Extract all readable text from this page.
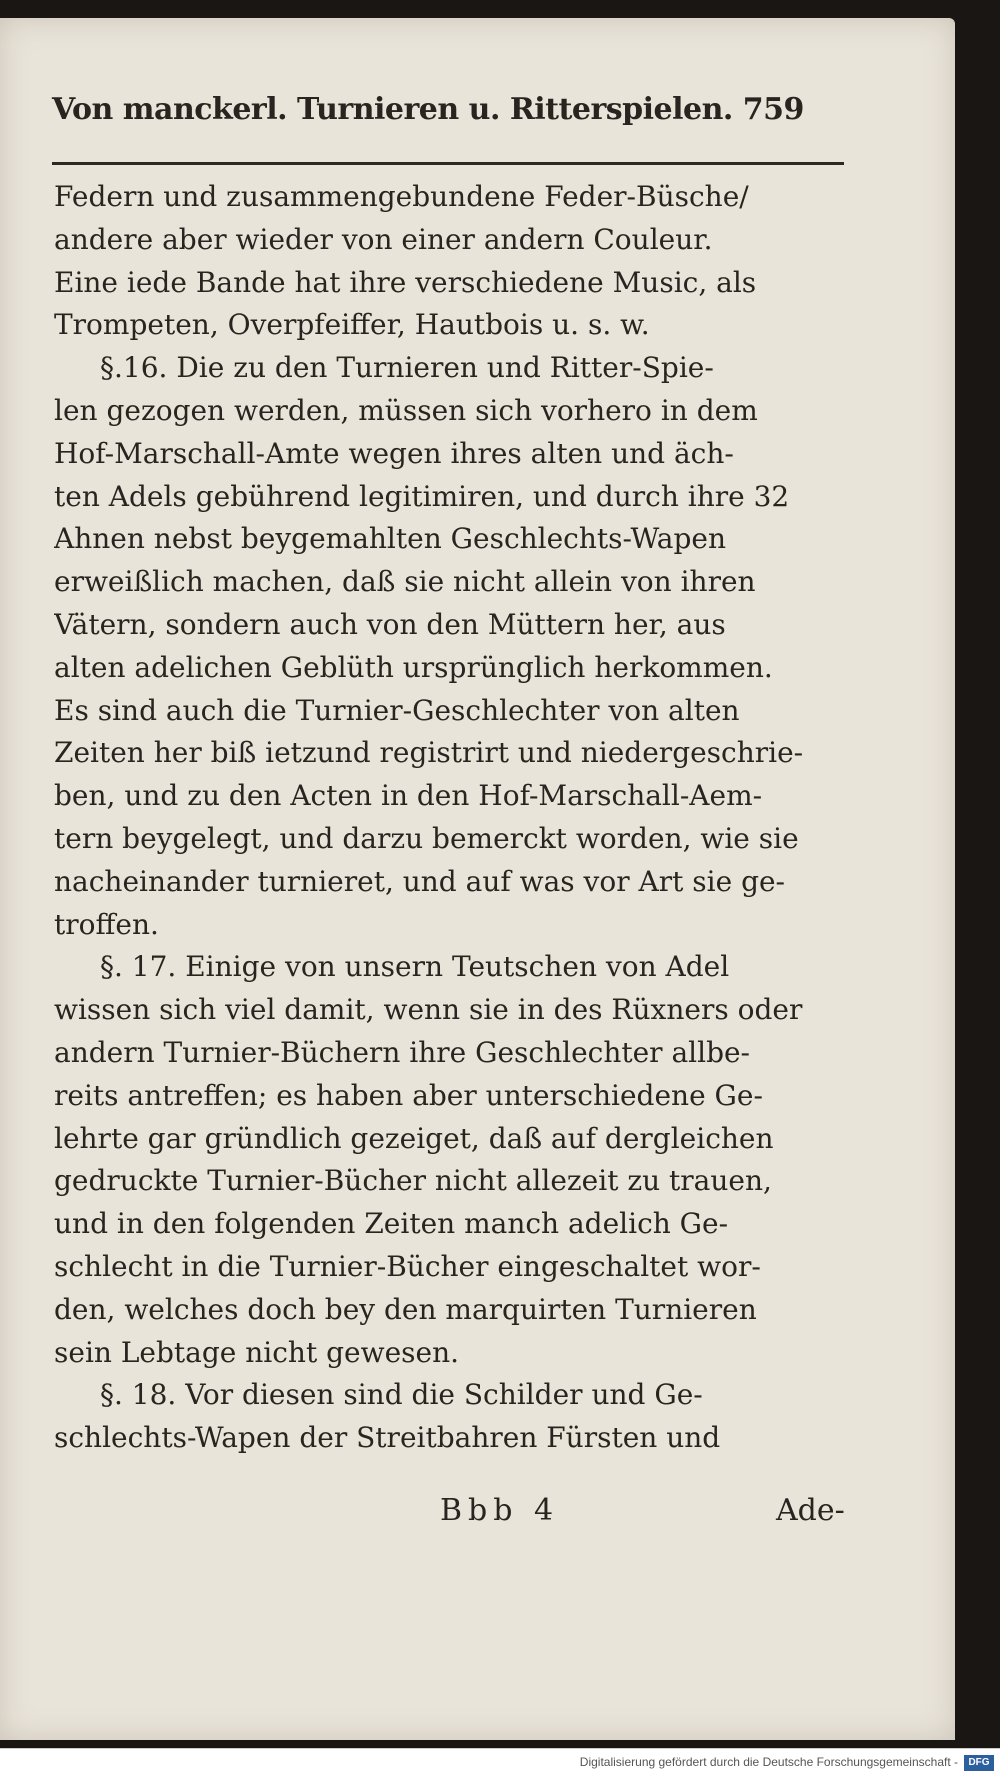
Von manckerl. Turnieren u. Ritterspielen. 759
Federn und zusammengebundene Feder-Büsche/
andere aber wieder von einer andern Couleur.
Eine iede Bande hat ihre verschiedene Music, als
Trompeten, Overpfeiffer, Hautbois u. s. w.
§.16. Die zu den Turnieren und Ritter-Spie-
len gezogen werden, müssen sich vorhero in dem
Hof-Marschall-Amte wegen ihres alten und äch-
ten Adels gebührend legitimiren, und durch ihre 32
Ahnen nebst beygemahlten Geschlechts-Wapen
erweißlich machen, daß sie nicht allein von ihren
Vätern, sondern auch von den Müttern her, aus
alten adelichen Geblüth ursprünglich herkommen.
Es sind auch die Turnier-Geschlechter von alten
Zeiten her biß ietzund registrirt und niedergeschrie-
ben, und zu den Acten in den Hof-Marschall-Aem-
tern beygelegt, und darzu bemerckt worden, wie sie
nacheinander turnieret, und auf was vor Art sie ge-
troffen.
§. 17. Einige von unsern Teutschen von Adel
wissen sich viel damit, wenn sie in des Rüxners oder
andern Turnier-Büchern ihre Geschlechter allbe-
reits antreffen; es haben aber unterschiedene Ge-
lehrte gar gründlich gezeiget, daß auf dergleichen
gedruckte Turnier-Bücher nicht allezeit zu trauen,
und in den folgenden Zeiten manch adelich Ge-
schlecht in die Turnier-Bücher eingeschaltet wor-
den, welches doch bey den marquirten Turnieren
sein Lebtage nicht gewesen.
§. 18. Vor diesen sind die Schilder und Ge-
schlechts-Wapen der Streitbahren Fürsten und
Bbb 4	Ade-
Digitalisierung gefördert durch die Deutsche Forschungsgemeinschaft -	DFG
